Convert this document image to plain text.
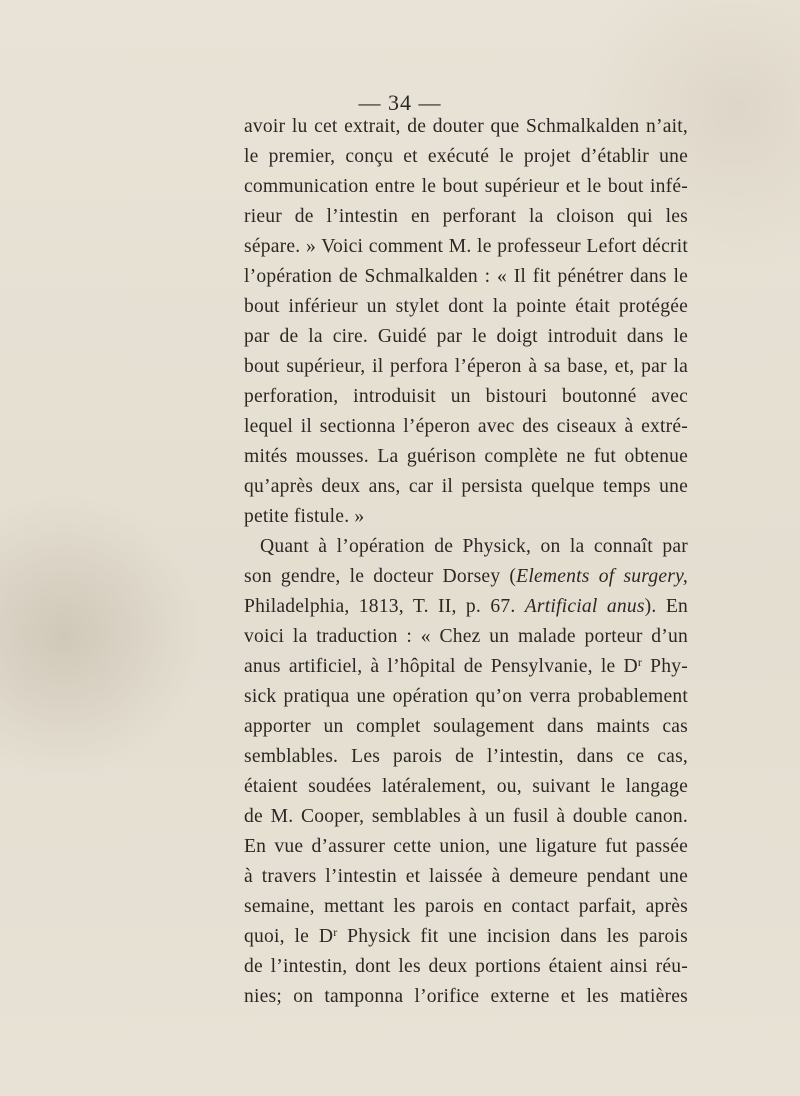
— 34 —

avoir lu cet extrait, de douter que Schmalkalden n’ait,
le premier, conçu et exécuté le projet d’établir une
communication entre le bout supérieur et le bout infé-
rieur de l’intestin en perforant la cloison qui les
sépare. » Voici comment M. le professeur Lefort décrit
l’opération de Schmalkalden : « Il fit pénétrer dans le
bout inférieur un stylet dont la pointe était protégée
par de la cire. Guidé par le doigt introduit dans le
bout supérieur, il perfora l’éperon à sa base, et, par la
perforation, introduisit un bistouri boutonné avec
lequel il sectionna l’éperon avec des ciseaux à extré-
mités mousses. La guérison complète ne fut obtenue
qu’après deux ans, car il persista quelque temps une
petite fistule. »
Quant à l’opération de Physick, on la connaît par
son gendre, le docteur Dorsey (Elements of surgery,
Philadelphia, 1813, T. II, p. 67. Artificial anus). En
voici la traduction : « Chez un malade porteur d’un
anus artificiel, à l’hôpital de Pensylvanie, le $D^r$ Phy-
sick pratiqua une opération qu’on verra probablement
apporter un complet soulagement dans maints cas
semblables. Les parois de l’intestin, dans ce cas,
étaient soudées latéralement, ou, suivant le langage
de M. Cooper, semblables à un fusil à double canon.
En vue d’assurer cette union, une ligature fut passée
à travers l’intestin et laissée à demeure pendant une
semaine, mettant les parois en contact parfait, après
quoi, le $D^r$ Physick fit une incision dans les parois
de l’intestin, dont les deux portions étaient ainsi réu-
nies; on tamponna l’orifice externe et les matières
